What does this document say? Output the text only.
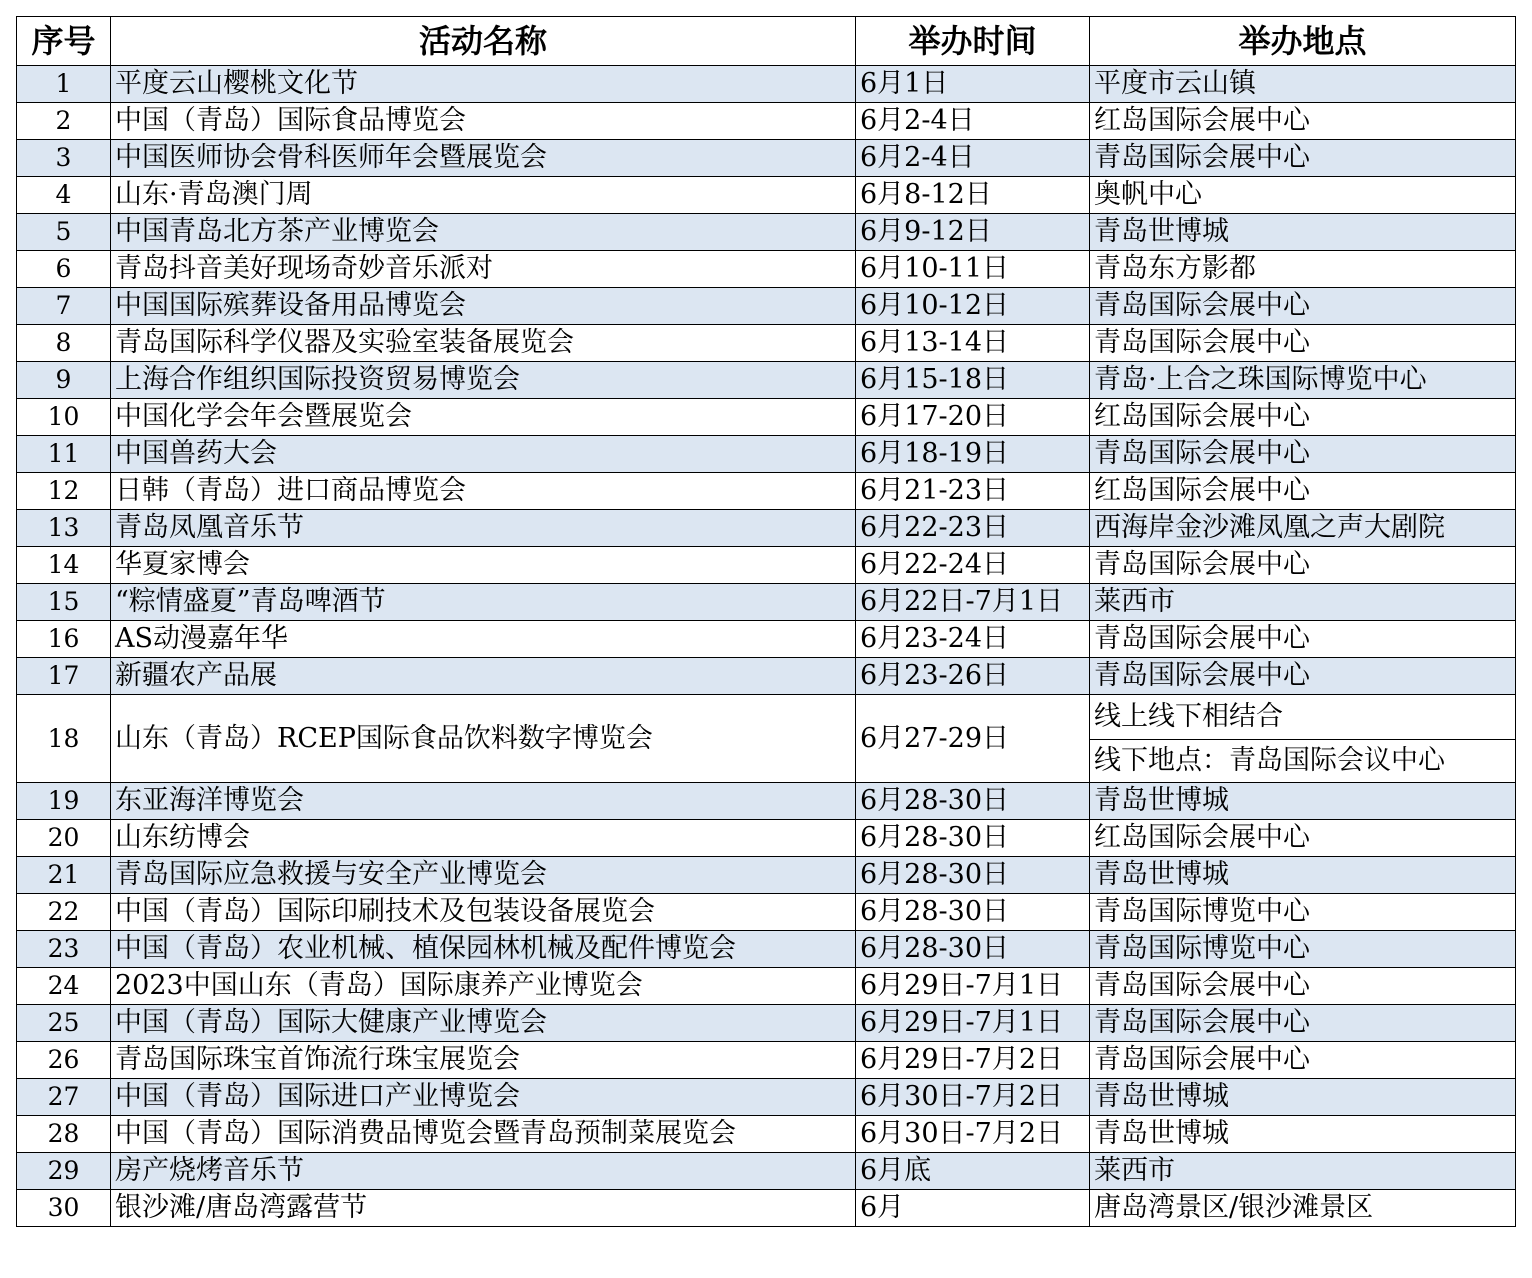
序号	活动名称	举办时间	举办地点
1	平度云山樱桃文化节	6月1日	平度市云山镇
2	中国（青岛）国际食品博览会	6月2-4日	红岛国际会展中心
3	中国医师协会骨科医师年会暨展览会	6月2-4日	青岛国际会展中心
4	山东·青岛澳门周	6月8-12日	奥帆中心
5	中国青岛北方茶产业博览会	6月9-12日	青岛世博城
6	青岛抖音美好现场奇妙音乐派对	6月10-11日	青岛东方影都
7	中国国际殡葬设备用品博览会	6月10-12日	青岛国际会展中心
8	青岛国际科学仪器及实验室装备展览会	6月13-14日	青岛国际会展中心
9	上海合作组织国际投资贸易博览会	6月15-18日	青岛·上合之珠国际博览中心
10	中国化学会年会暨展览会	6月17-20日	红岛国际会展中心
11	中国兽药大会	6月18-19日	青岛国际会展中心
12	日韩（青岛）进口商品博览会	6月21-23日	红岛国际会展中心
13	青岛凤凰音乐节	6月22-23日	西海岸金沙滩凤凰之声大剧院
14	华夏家博会	6月22-24日	青岛国际会展中心
15	“粽情盛夏”青岛啤酒节	6月22日-7月1日	莱西市
16	AS动漫嘉年华	6月23-24日	青岛国际会展中心
17	新疆农产品展	6月23-26日	青岛国际会展中心
18	山东（青岛）RCEP国际食品饮料数字博览会	6月27-29日	线上线下相结合
			线下地点：青岛国际会议中心
19	东亚海洋博览会	6月28-30日	青岛世博城
20	山东纺博会	6月28-30日	红岛国际会展中心
21	青岛国际应急救援与安全产业博览会	6月28-30日	青岛世博城
22	中国（青岛）国际印刷技术及包装设备展览会	6月28-30日	青岛国际博览中心
23	中国（青岛）农业机械、植保园林机械及配件博览会	6月28-30日	青岛国际博览中心
24	2023中国山东（青岛）国际康养产业博览会	6月29日-7月1日	青岛国际会展中心
25	中国（青岛）国际大健康产业博览会	6月29日-7月1日	青岛国际会展中心
26	青岛国际珠宝首饰流行珠宝展览会	6月29日-7月2日	青岛国际会展中心
27	中国（青岛）国际进口产业博览会	6月30日-7月2日	青岛世博城
28	中国（青岛）国际消费品博览会暨青岛预制菜展览会	6月30日-7月2日	青岛世博城
29	房产烧烤音乐节	6月底	莱西市
30	银沙滩/唐岛湾露营节	6月	唐岛湾景区/银沙滩景区
